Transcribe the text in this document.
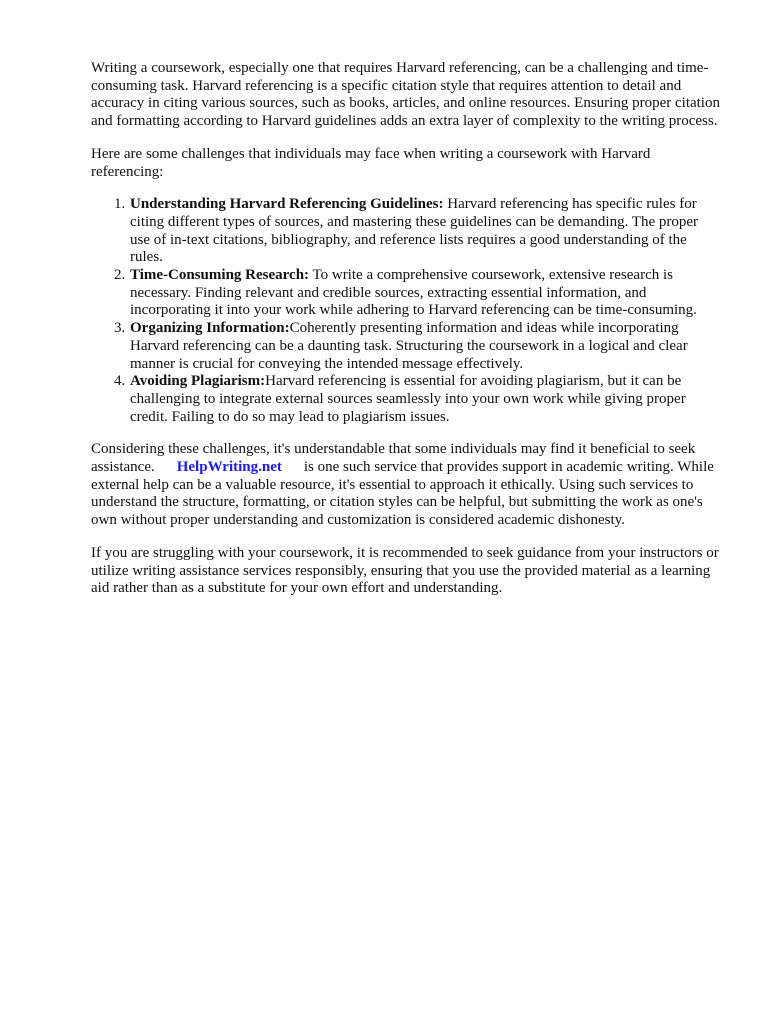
Writing a coursework, especially one that requires Harvard referencing, can be a challenging and time-consuming task. Harvard referencing is a specific citation style that requires attention to detail and accuracy in citing various sources, such as books, articles, and online resources. Ensuring proper citation and formatting according to Harvard guidelines adds an extra layer of complexity to the writing process.

Here are some challenges that individuals may face when writing a coursework with Harvard referencing:

1. Understanding Harvard Referencing Guidelines: Harvard referencing has specific rules for citing different types of sources, and mastering these guidelines can be demanding. The proper use of in-text citations, bibliography, and reference lists requires a good understanding of the rules.
2. Time-Consuming Research: To write a comprehensive coursework, extensive research is necessary. Finding relevant and credible sources, extracting essential information, and incorporating it into your work while adhering to Harvard referencing can be time-consuming.
3. Organizing Information:Coherently presenting information and ideas while incorporating Harvard referencing can be a daunting task. Structuring the coursework in a logical and clear manner is crucial for conveying the intended message effectively.
4. Avoiding Plagiarism:Harvard referencing is essential for avoiding plagiarism, but it can be challenging to integrate external sources seamlessly into your own work while giving proper credit. Failing to do so may lead to plagiarism issues.

Considering these challenges, it's understandable that some individuals may find it beneficial to seek assistance. HelpWriting.net is one such service that provides support in academic writing. While external help can be a valuable resource, it's essential to approach it ethically. Using such services to understand the structure, formatting, or citation styles can be helpful, but submitting the work as one's own without proper understanding and customization is considered academic dishonesty.

If you are struggling with your coursework, it is recommended to seek guidance from your instructors or utilize writing assistance services responsibly, ensuring that you use the provided material as a learning aid rather than as a substitute for your own effort and understanding.
